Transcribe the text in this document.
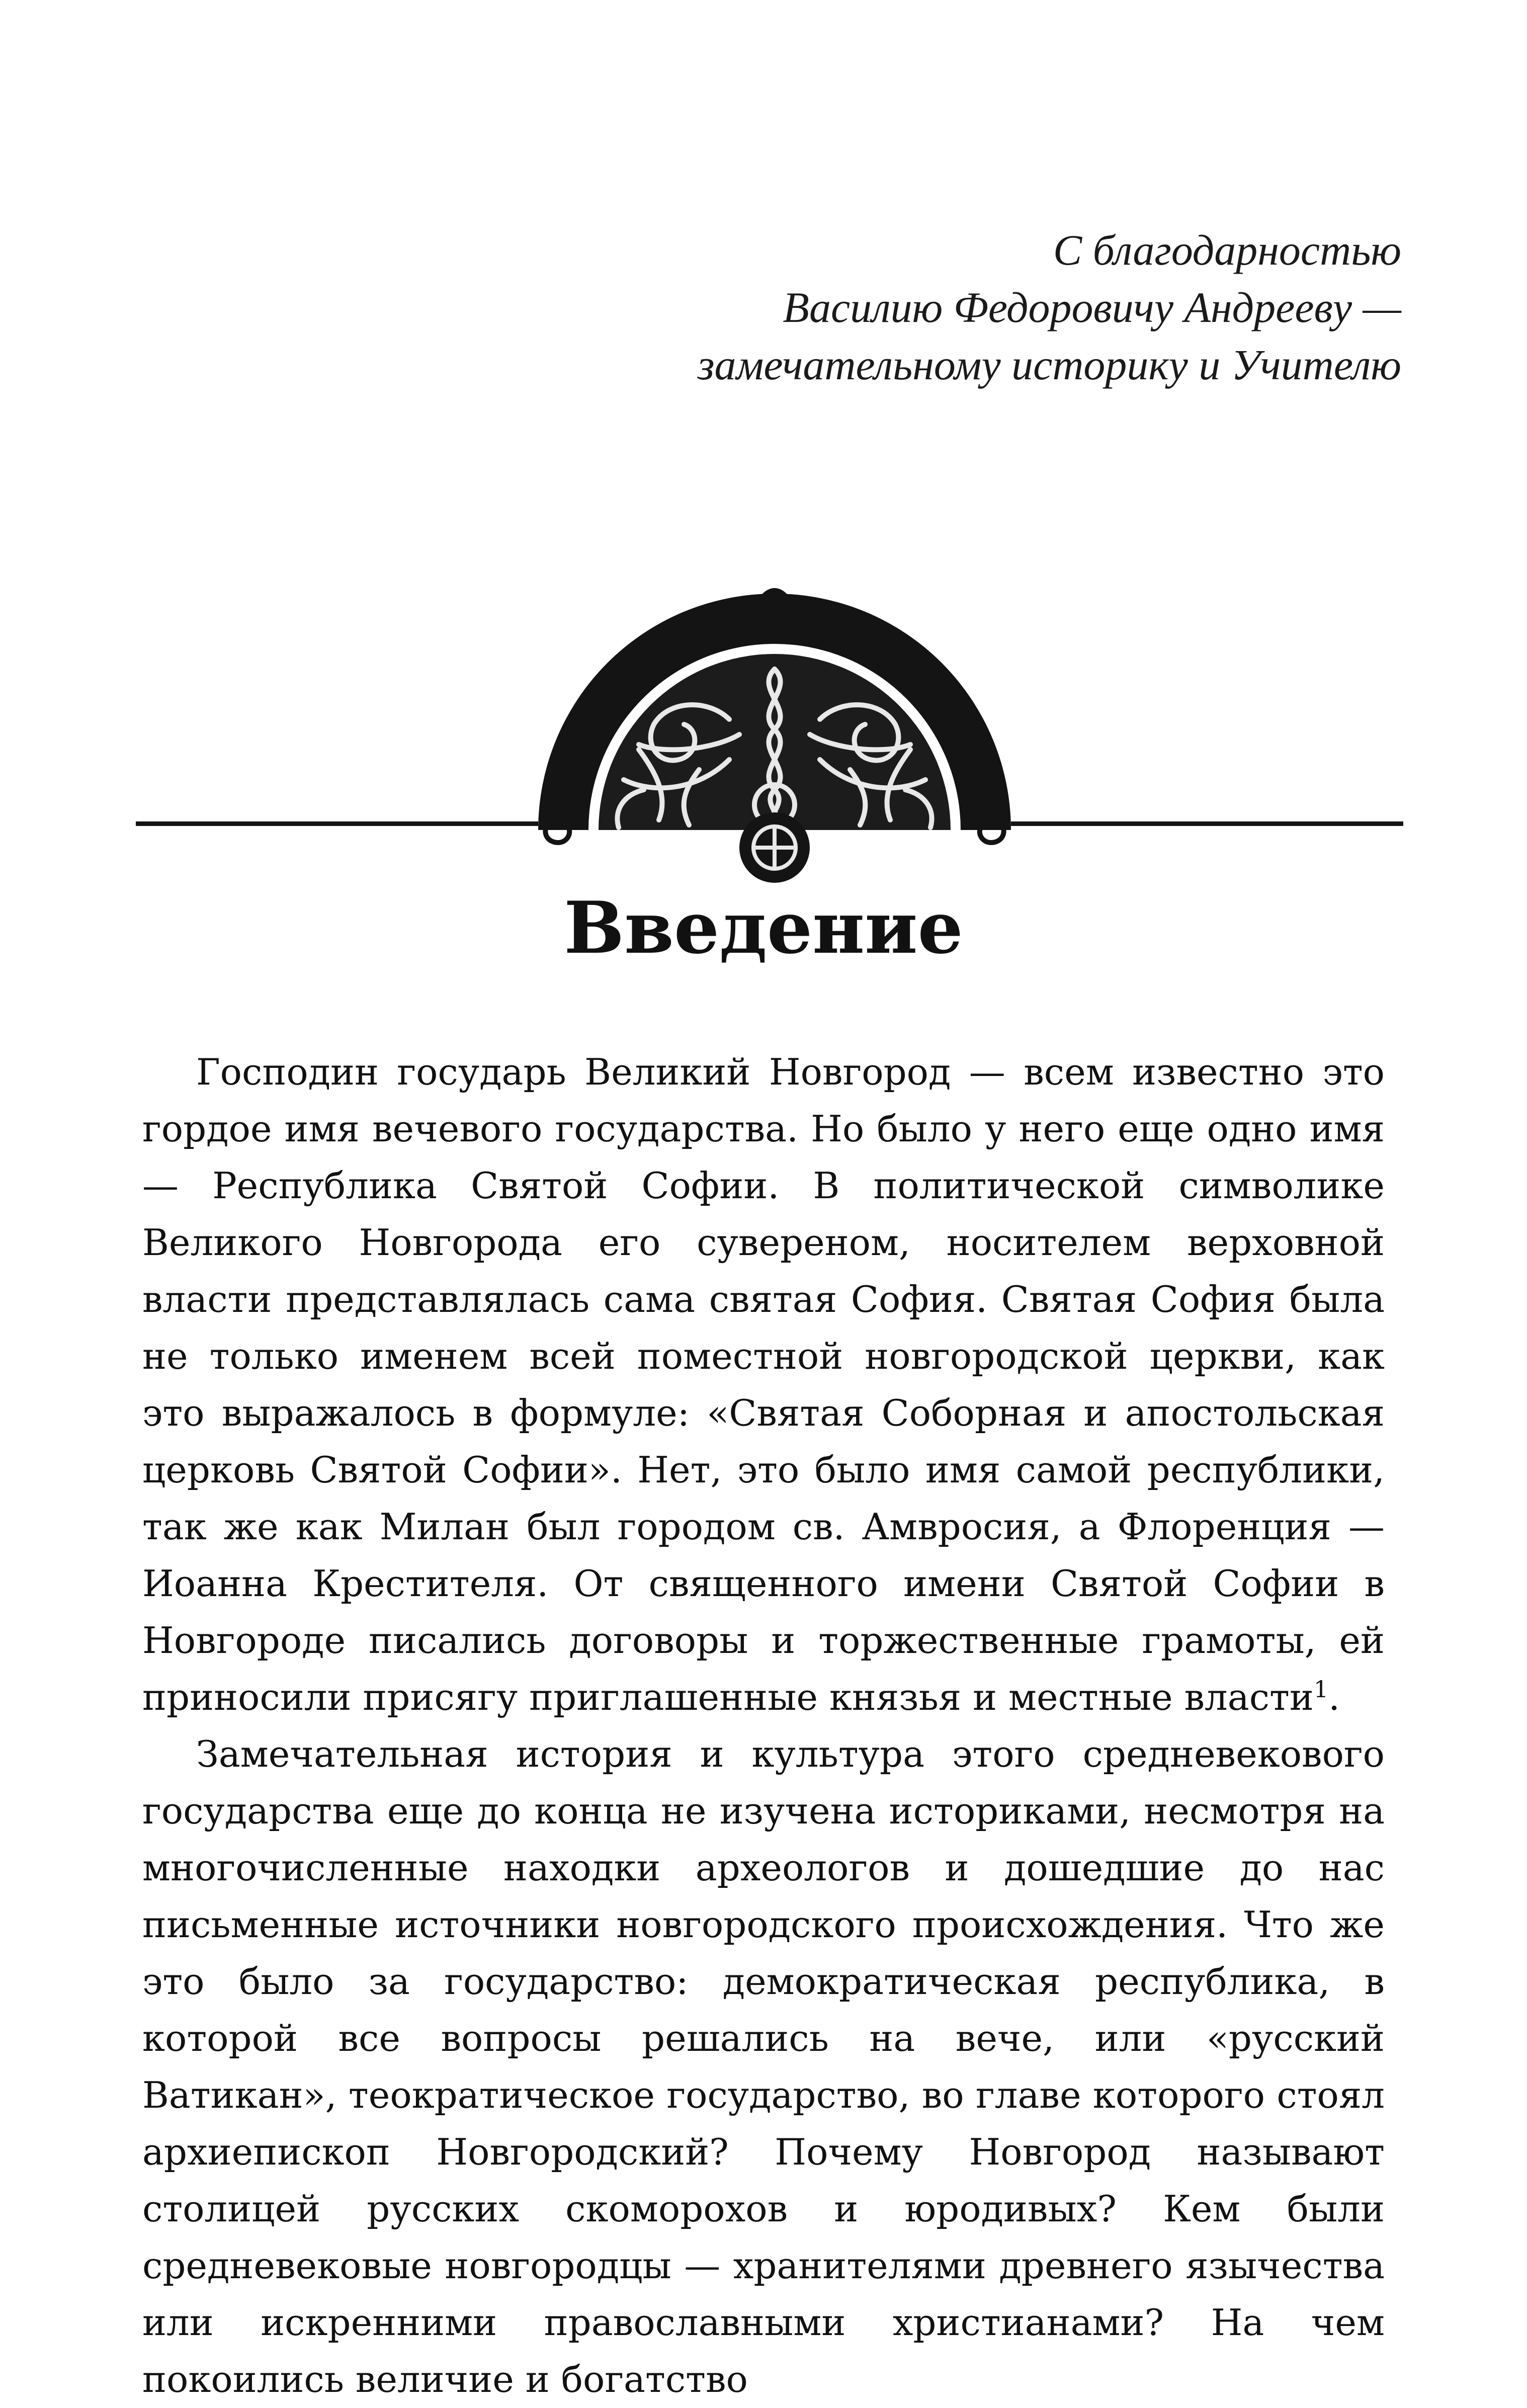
С благодарностью
Василию Федоровичу Андрееву —
замечательному историку и Учителю
Введение

Господин государь Великий Новгород — всем известно это гордое имя вечевого государства. Но было у него еще одно имя — Республика Святой Софии. В политической символике Великого Новгорода его сувереном, носителем верховной власти представлялась сама святая София. Святая София была не только именем всей поместной новгородской церкви, как это выражалось в формуле: «Святая Соборная и апостольская церковь Святой Софии». Нет, это было имя самой республики, так же как Милан был городом св. Амвросия, а Флоренция — Иоанна Крестителя. От священного имени Святой Софии в Новгороде писались договоры и торжественные грамоты, ей приносили присягу приглашенные князья и местные власти$^1$.

Замечательная история и культура этого средневекового государства еще до конца не изучена историками, несмотря на многочисленные находки археологов и дошедшие до нас письменные источники новгородского происхождения. Что же это было за государство: демократическая республика, в которой все вопросы решались на вече, или «русский Ватикан», теократическое государство, во главе которого стоял архиепископ Новгородский? Почему Новгород называют столицей русских скоморохов и юродивых? Кем были средневековые новгородцы — хранителями древнего язычества или искренними православными христианами? На чем покоились величие и богатство
